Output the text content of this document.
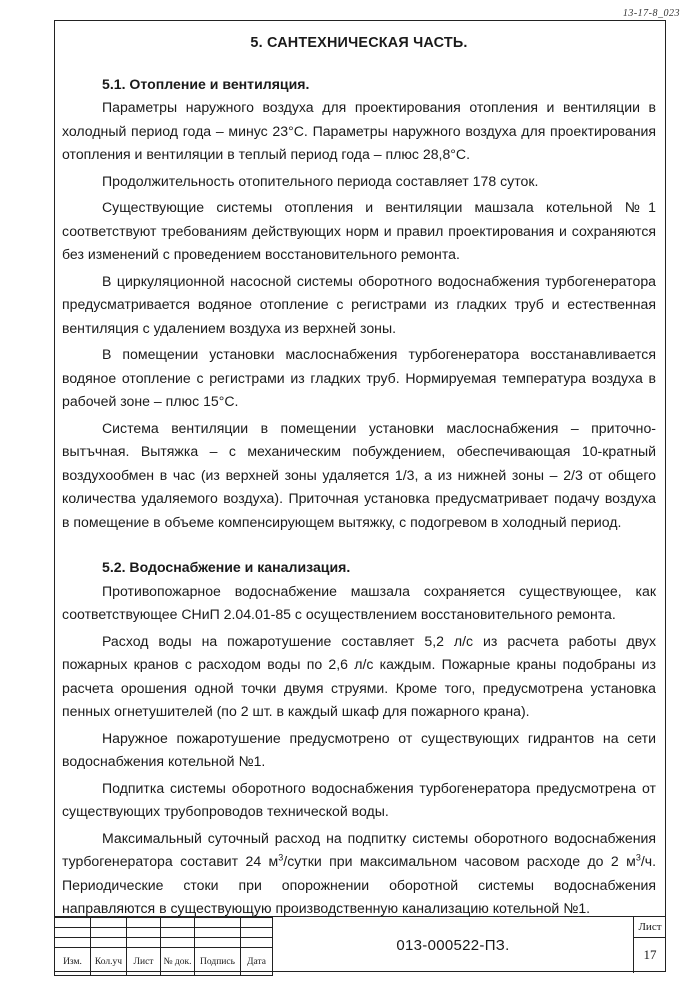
13-17-8_023
5. САНТЕХНИЧЕСКАЯ ЧАСТЬ.
5.1. Отопление и вентиляция.

Параметры наружного воздуха для проектирования отопления и вентиляции в холодный период года – минус 23°С. Параметры наружного воздуха для проектирования отопления и вентиляции в теплый период года – плюс 28,8°С.

Продолжительность отопительного периода составляет 178 суток.

Существующие системы отопления и вентиляции машзала котельной №1 соответствуют требованиям действующих норм и правил проектирования и сохраняются без изменений с проведением восстановительного ремонта.

В циркуляционной насосной системы оборотного водоснабжения турбогенератора предусматривается водяное отопление с регистрами из гладких труб и естественная вентиляция с удалением воздуха из верхней зоны.

В помещении установки маслоснабжения турбогенератора восстанавливается водяное отопление с регистрами из гладких труб. Нормируемая температура воздуха в рабочей зоне – плюс 15°С.

Система вентиляции в помещении установки маслоснабжения – приточно-вытъчная. Вытяжка – с механическим побуждением, обеспечивающая 10-кратный воздухообмен в час (из верхней зоны удаляется 1/3, а из нижней зоны – 2/3 от общего количества удаляемого воздуха). Приточная установка предусматривает подачу воздуха в помещение в объеме компенсирующем вытяжку, с подогревом в холодный период.

5.2. Водоснабжение и канализация.

Противопожарное водоснабжение машзала сохраняется существующее, как соответствующее СНиП 2.04.01-85 с осуществлением восстановительного ремонта.

Расход воды на пожаротушение составляет 5,2 л/с из расчета работы двух пожарных кранов с расходом воды по 2,6 л/с каждым. Пожарные краны подобраны из расчета орошения одной точки двумя струями. Кроме того, предусмотрена установка пенных огнетушителей (по 2 шт. в каждый шкаф для пожарного крана).

Наружное пожаротушение предусмотрено от существующих гидрантов на сети водоснабжения котельной №1.

Подпитка системы оборотного водоснабжения турбогенератора предусмотрена от существующих трубопроводов технической воды.

Максимальный суточный расход на подпитку системы оборотного водоснабжения турбогенератора составит 24 $м^3$/сутки при максимальном часовом расходе до 2 $м^3/ч$. Периодические стоки при опорожнении оборотной системы водоснабжения направляются в существующую производственную канализацию котельной №1.

Изм.	Кол.уч	Лист	№ док.	Подпись	Дата
013-000522-ПЗ.
Лист
17
